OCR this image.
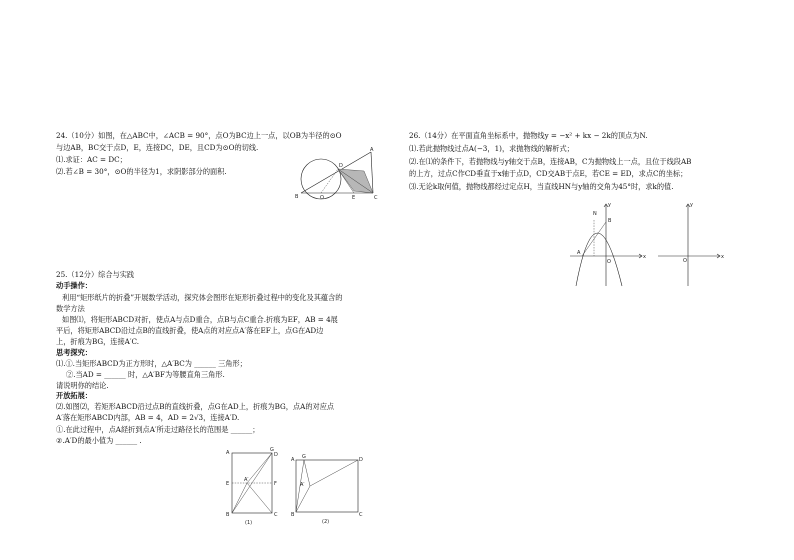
24.（10分）如图，在△ABC中，∠ACB = 90°，点O为BC边上一点，以OB为半径的⊙O
与边AB，BC交于点D，E，连接DC，DE，且CD为⊙O的切线.
⑴.求证：AC = DC；
⑵.若∠B = 30°，⊙O的半径为1，求阴影部分的面积.
A
D
B	O	E	C
25.（12分）综合与实践
动手操作：
利用“矩形纸片的折叠”开展数学活动，探究体会图形在矩形折叠过程中的变化及其蕴含的
数学方法
如图⑴，将矩形ABCD对折，使点A与点D重合，点B与点C重合.折痕为EF，AB = 4展
平后，将矩形ABCD沿过点B的直线折叠，使A点的对应点A′落在EF上，点G在AD边
上，折痕为BG，连接A′C.
思考探究：
⑴.①.当矩形ABCD为正方形时，△A′BC为 ______ 三角形；
②.当AD = ______ 时，△A′BF为等腰直角三角形.
请说明你的结论.
开放拓展：
⑵.如图⑵，若矩形ABCD沿过点B的直线折叠，点G在AD上，折痕为BG，点A的对应点
A′落在矩形ABCD内部，AB = 4，AD = 2√3，连接A′D.
①.在此过程中，点A経折到点A′所走过路径长的范围是 ______；
②.A′D的最小值为 ______ .
A	G
D
E	F
A′
B	C
(1)
A G	D
A′
B	C
(2)
26.（14分）在平面直角坐标系中，抛物线y = −x² + kx − 2k的顶点为N.
⑴.若此抛物线过点A(−3，1)，求抛物线的解析式；
⑵.在⑴的条件下，若抛物线与y轴交于点B，连接AB，C为抛物线上一点，且位于线段AB
的上方，过点C作CD垂直于x轴于点D，CD交AB于点E，若CE = ED，求点C的坐标；
⑶.无论k取何值，抛物线都经过定点H，当直线HN与y轴的交角为45°时，求k的值.
x
y
A
B
N
O
x
y
O
